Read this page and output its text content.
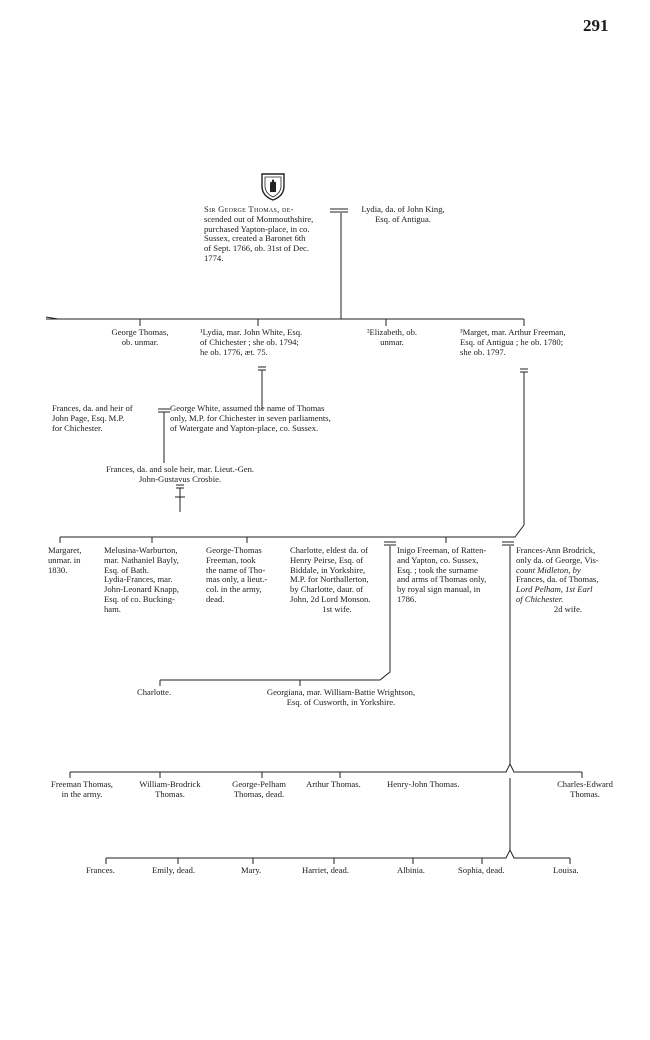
291
Sir George Thomas, de-
scended out of Monmouthshire,
purchased Yapton-place, in co.
Sussex, created a Baronet 6th
of Sept. 1766, ob. 31st of Dec.
1774.
Lydia, da. of John King,
Esq. of Antigua.
George Thomas,
ob. unmar.
¹Lydia, mar. John White, Esq.
of Chichester ; she ob. 1794;
he ob. 1776, æt. 75.
²Elizabeth, ob.
unmar.
³Marget, mar. Arthur Freeman,
Esq. of Antigua ; he ob. 1780;
she ob. 1797.
Frances, da. and heir of
John Page, Esq. M.P.
for Chichester.
George White, assumed the name of Thomas
only, M.P. for Chichester in seven parliaments,
of Watergate and Yapton-place, co. Sussex.
Frances, da. and sole heir, mar. Lieut.-Gen.
John-Gustavus Crosbie.
Margaret,
unmar. in
1830.
Melusina-Warburton,
mar. Nathaniel Bayly,
Esq. of Bath.
Lydia-Frances, mar.
John-Leonard Knapp,
Esq. of co. Bucking-
ham.
George-Thomas
Freeman, took
the name of Tho-
mas only, a lieut.-
col. in the army,
dead.
Charlotte, eldest da. of
Henry Peirse, Esq. of
Biddale, in Yorkshire,
M.P. for Northallerton,
by Charlotte, daur. of
John, 2d Lord Monson.
1st wife.
Inigo Freeman, of Ratten-
and Yapton, co. Sussex,
Esq. ; took the surname
and arms of Thomas only,
by royal sign manual, in
1786.
Frances-Ann Brodrick,
only da. of George, Vis-
count Midleton, by
Frances, da. of Thomas,
Lord Pelham, 1st Earl
of Chichester.
2d wife.
Charlotte.	Georgiana, mar. William-Battie Wrightson,
Esq. of Cusworth, in Yorkshire.
Freeman Thomas,
in the army.
William-Brodrick
Thomas.
George-Pelham
Thomas, dead.
Arthur Thomas.	Henry-John Thomas.	Charles-Edward
Thomas.
Frances.	Emily, dead.	Mary.	Harriet, dead.	Albinia.	Sophia, dead.	Louisa.
